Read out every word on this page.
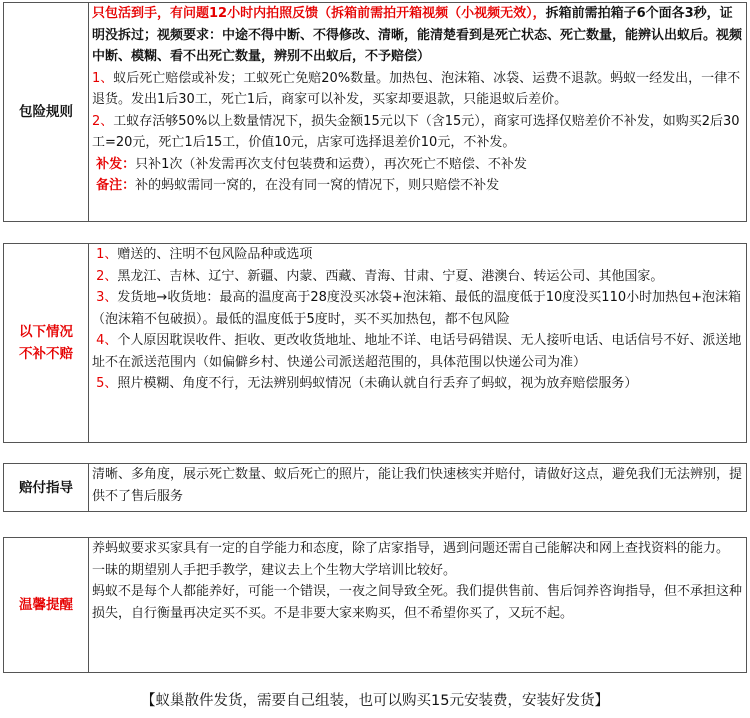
包险规则	

只包活到手，有问题12小时内拍照反馈（拆箱前需拍开箱视频（小视频无效），拆箱前需拍箱子6个面各3秒，证明没拆过；视频要求：中途不得中断、不得修改、清晰，能清楚看到是死亡状态、死亡数量，能辨认出蚁后。视频中断、模糊、看不出死亡数量，辨别不出蚁后，不予赔偿）

1、蚁后死亡赔偿或补发；工蚁死亡免赔20%数量。加热包、泡沫箱、冰袋、运费不退款。蚂蚁一经发出，一律不退货。发出1后30工，死亡1后，商家可以补发，买家却要退款，只能退蚁后差价。

2、工蚁存活够50%以上数量情况下，损失金额15元以下（含15元），商家可选择仅赔差价不补发，如购买2后30工=20元，死亡1后15工，价值10元，店家可选择退差价10元，不补发。

补发：只补1次（补发需再次支付包装费和运费），再次死亡不赔偿、不补发

备注：补的蚂蚁需同一窝的，在没有同一窝的情况下，则只赔偿不补发

以下情况
不补不赔

1、赠送的、注明不包风险品种或选项

2、黑龙江、吉林、辽宁、新疆、内蒙、西藏、青海、甘肃、宁夏、港澳台、转运公司、其他国家。

3、发货地→收货地：最高的温度高于28度没买冰袋+泡沫箱、最低的温度低于10度没买110小时加热包+泡沫箱（泡沫箱不包破损）。最低的温度低于5度时，买不买加热包，都不包风险

4、个人原因耽误收件、拒收、更改收货地址、地址不详、电话号码错误、无人接听电话、电话信号不好、派送地址不在派送范围内（如偏僻乡村、快递公司派送超范围的，具体范围以快递公司为准）

5、照片模糊、角度不行，无法辨别蚂蚁情况（未确认就自行丢弃了蚂蚁，视为放弃赔偿服务）

赔付指导	

清晰、多角度，展示死亡数量、蚁后死亡的照片，能让我们快速核实并赔付，请做好这点，避免我们无法辨别，提供不了售后服务

温馨提醒	

养蚂蚁要求买家具有一定的自学能力和态度，除了店家指导，遇到问题还需自己能解决和网上查找资料的能力。

一昧的期望别人手把手教学，建议去上个生物大学培训比较好。

蚂蚁不是每个人都能养好，可能一个错误，一夜之间导致全死。我们提供售前、售后饲养咨询指导，但不承担这种损失，自行衡量再决定买不买。不是非要大家来购买，但不希望你买了，又玩不起。

【蚁巢散件发货，需要自己组装，也可以购买15元安装费，安装好发货】
